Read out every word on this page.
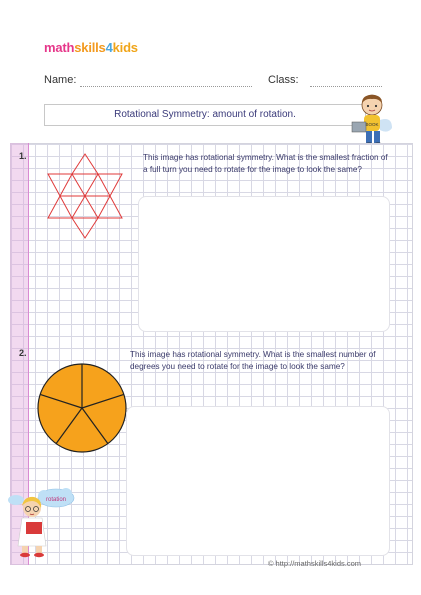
mathskills4kids
Name:	Class:
Rotational Symmetry: amount of rotation.
BOOK
1.	This image has rotational symmetry. What is the smallest fraction of a full turn you need to rotate for the image to look the same?
2.	This image has rotational symmetry. What is the smallest number of degrees you need to rotate for the image to look the same?
rotation
© http://mathskills4kids.com
